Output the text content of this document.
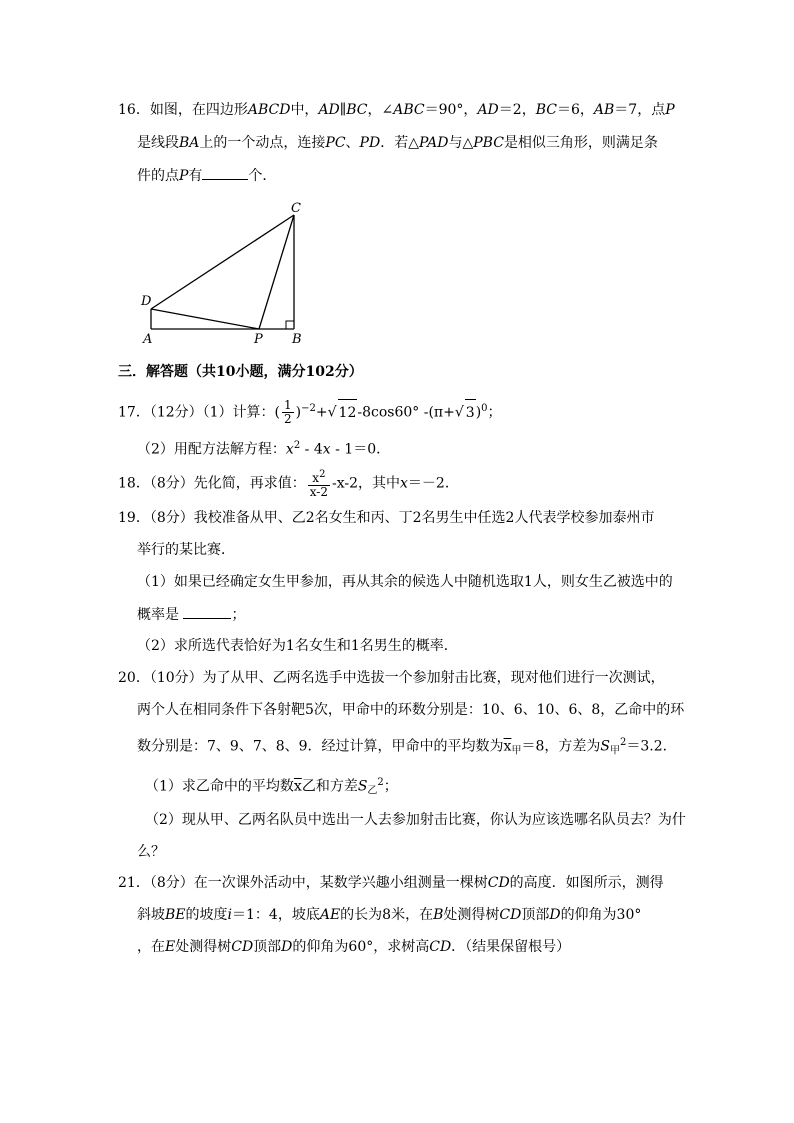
16．如图，在四边形ABCD中，AD∥BC，∠ABC＝90°，AD＝2，BC＝6，AB＝7，点P
是线段BA上的一个动点，连接PC、PD．若△PAD与△PBC是相似三角形，则满足条
件的点P有	个．
C
D
A	P B
三．解答题（共10小题，满分102分）
17．（12分）（1）计算：( $\frac{1}{2} )^{-2}+√$ 12-8cos60° -(π+√ 3)$^0$；
（2）用配方法解方程：$x^2 - 4x - 1=0$．
18．（8分）先化简，再求值： $\frac{x^2}{x-2} -x-2$，其中x＝－2．
19．（8分）我校准备从甲、乙2名女生和丙、丁2名男生中任选2人代表学校参加泰州市
举行的某比赛．
（1）如果已经确定女生甲参加，再从其余的候选人中随机选取1人，则女生乙被选中的
概率是	；
（2）求所选代表恰好为1名女生和1名男生的概率．
20．（10分）为了从甲、乙两名选手中选拔一个参加射击比赛，现对他们进行一次测试，
两个人在相同条件下各射靶5次，甲命中的环数分别是：10、6、10、6、8，乙命中的环
数分别是：7、9、7、8、9．经过计算，甲命中的平均数为$\overline{x}_甲=8$，方差为$S_甲^2=3.2$．
（1）求乙命中的平均数$\overline{x}$乙和方差$S_乙^2$；
（2）现从甲、乙两名队员中选出一人去参加射击比赛，你认为应该选哪名队员去？为什
么？
21．（8分）在一次课外活动中，某数学兴趣小组测量一棵树CD的高度．如图所示，测得
斜坡BE的坡度i＝1：4，坡底AE的长为8米，在B处测得树CD顶部D的仰角为30°
，在E处测得树CD顶部D的仰角为60°，求树高CD．（结果保留根号）
